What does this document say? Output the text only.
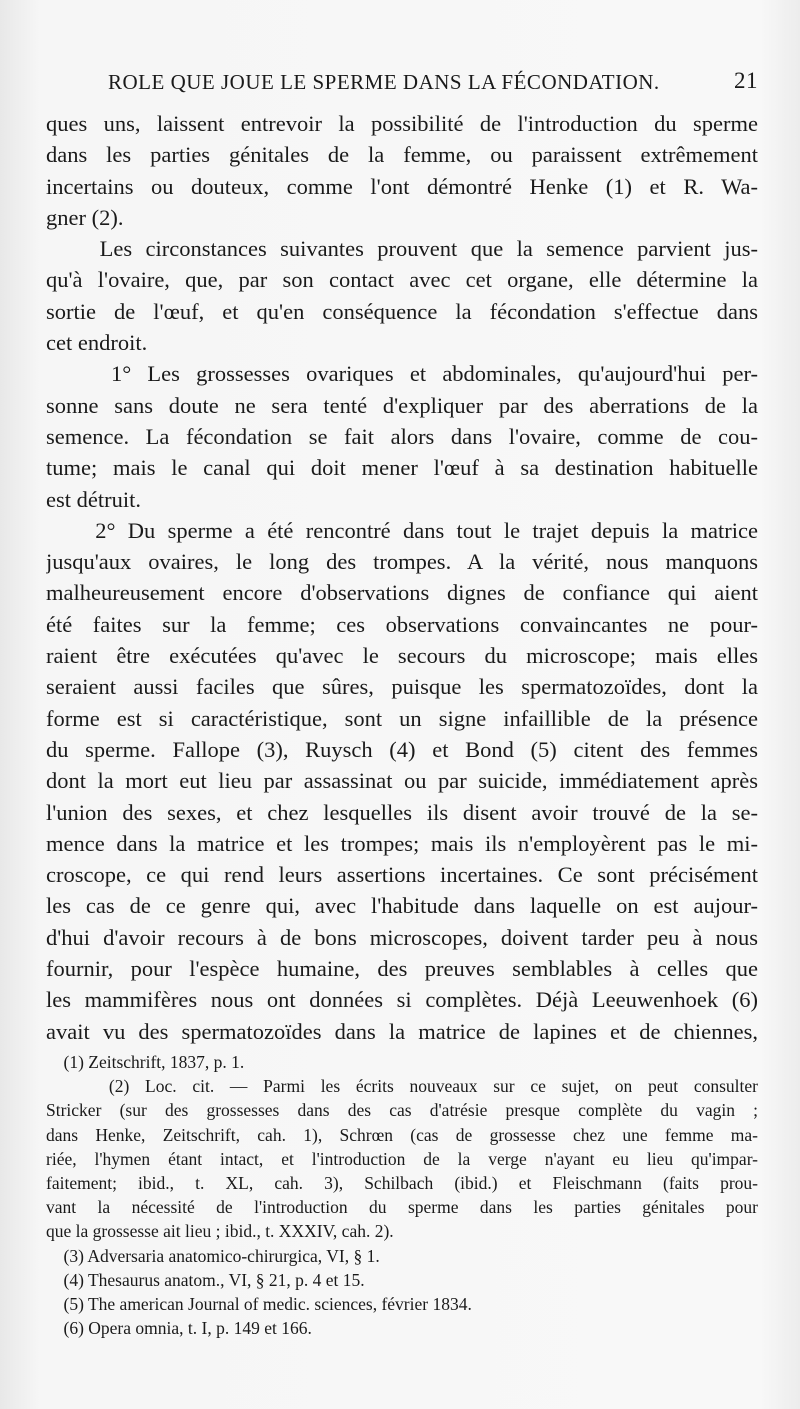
ROLE QUE JOUE LE SPERME DANS LA FÉCONDATION.	21
ques uns, laissent entrevoir la possibilité de l'introduction du sperme
dans les parties génitales de la femme, ou paraissent extrêmement
incertains ou douteux, comme l'ont démontré Henke (1) et R. Wa-
gner (2).
Les circonstances suivantes prouvent que la semence parvient jus-
qu'à l'ovaire, que, par son contact avec cet organe, elle détermine la
sortie de l'œuf, et qu'en conséquence la fécondation s'effectue dans
cet endroit.
1° Les grossesses ovariques et abdominales, qu'aujourd'hui per-
sonne sans doute ne sera tenté d'expliquer par des aberrations de la
semence. La fécondation se fait alors dans l'ovaire, comme de cou-
tume; mais le canal qui doit mener l'œuf à sa destination habituelle
est détruit.
2° Du sperme a été rencontré dans tout le trajet depuis la matrice
jusqu'aux ovaires, le long des trompes. A la vérité, nous manquons
malheureusement encore d'observations dignes de confiance qui aient
été faites sur la femme; ces observations convaincantes ne pour-
raient être exécutées qu'avec le secours du microscope; mais elles
seraient aussi faciles que sûres, puisque les spermatozoïdes, dont la
forme est si caractéristique, sont un signe infaillible de la présence
du sperme. Fallope (3), Ruysch (4) et Bond (5) citent des femmes
dont la mort eut lieu par assassinat ou par suicide, immédiatement après
l'union des sexes, et chez lesquelles ils disent avoir trouvé de la se-
mence dans la matrice et les trompes; mais ils n'employèrent pas le mi-
croscope, ce qui rend leurs assertions incertaines. Ce sont précisément
les cas de ce genre qui, avec l'habitude dans laquelle on est aujour-
d'hui d'avoir recours à de bons microscopes, doivent tarder peu à nous
fournir, pour l'espèce humaine, des preuves semblables à celles que
les mammifères nous ont données si complètes. Déjà Leeuwenhoek (6)
avait vu des spermatozoïdes dans la matrice de lapines et de chiennes,
(1) Zeitschrift, 1837, p. 1.
(2) Loc. cit. — Parmi les écrits nouveaux sur ce sujet, on peut consulter
Stricker (sur des grossesses dans des cas d'atrésie presque complète du vagin ;
dans Henke, Zeitschrift, cah. 1), Schrœn (cas de grossesse chez une femme ma-
riée, l'hymen étant intact, et l'introduction de la verge n'ayant eu lieu qu'impar-
faitement; ibid., t. XL, cah. 3), Schilbach (ibid.) et Fleischmann (faits prou-
vant la nécessité de l'introduction du sperme dans les parties génitales pour
que la grossesse ait lieu ; ibid., t. XXXIV, cah. 2).
(3) Adversaria anatomico-chirurgica, VI, § 1.
(4) Thesaurus anatom., VI, § 21, p. 4 et 15.
(5) The american Journal of medic. sciences, février 1834.
(6) Opera omnia, t. I, p. 149 et 166.
